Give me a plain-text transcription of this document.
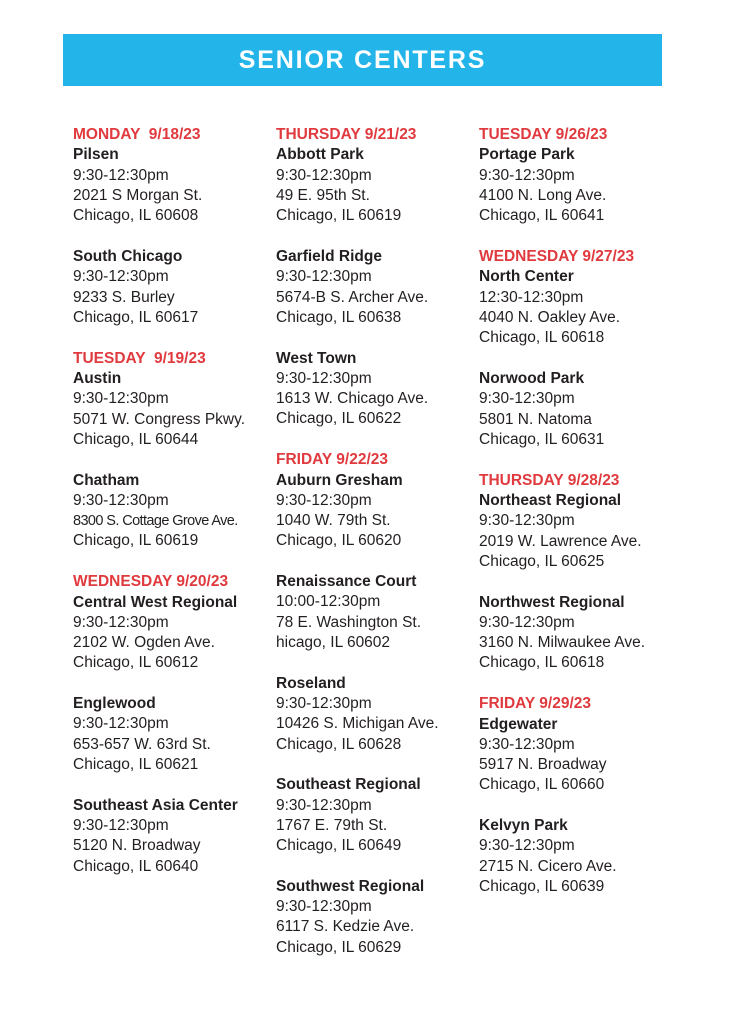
SENIOR CENTERS
MONDAY  9/18/23
Pilsen
9:30-12:30pm
2021 S Morgan St.
Chicago, IL 60608
South Chicago
9:30-12:30pm
9233 S. Burley
Chicago, IL 60617
TUESDAY  9/19/23
Austin
9:30-12:30pm
5071 W. Congress Pkwy.
Chicago, IL 60644
Chatham
9:30-12:30pm
8300 S. Cottage Grove Ave.
Chicago, IL 60619
WEDNESDAY 9/20/23
Central West Regional
9:30-12:30pm
2102 W. Ogden Ave.
Chicago, IL 60612
Englewood
9:30-12:30pm
653-657 W. 63rd St.
Chicago, IL 60621
Southeast Asia Center
9:30-12:30pm
5120 N. Broadway
Chicago, IL 60640
THURSDAY 9/21/23
Abbott Park
9:30-12:30pm
49 E. 95th St.
Chicago, IL 60619
Garfield Ridge
9:30-12:30pm
5674-B S. Archer Ave.
Chicago, IL 60638
West Town
9:30-12:30pm
1613 W. Chicago Ave.
Chicago, IL 60622
FRIDAY 9/22/23
Auburn Gresham
9:30-12:30pm
1040 W. 79th St.
Chicago, IL 60620
Renaissance Court
10:00-12:30pm
78 E. Washington St.
hicago, IL 60602
Roseland
9:30-12:30pm
10426 S. Michigan Ave.
Chicago, IL 60628
Southeast Regional
9:30-12:30pm
1767 E. 79th St.
Chicago, IL 60649
Southwest Regional
9:30-12:30pm
6117 S. Kedzie Ave.
Chicago, IL 60629
TUESDAY 9/26/23
Portage Park
9:30-12:30pm
4100 N. Long Ave.
Chicago, IL 60641
WEDNESDAY 9/27/23
North Center
12:30-12:30pm
4040 N. Oakley Ave.
Chicago, IL 60618
Norwood Park
9:30-12:30pm
5801 N. Natoma
Chicago, IL 60631
THURSDAY 9/28/23
Northeast Regional
9:30-12:30pm
2019 W. Lawrence Ave.
Chicago, IL 60625
Northwest Regional
9:30-12:30pm
3160 N. Milwaukee Ave.
Chicago, IL 60618
FRIDAY 9/29/23
Edgewater
9:30-12:30pm
5917 N. Broadway
Chicago, IL 60660
Kelvyn Park
9:30-12:30pm
2715 N. Cicero Ave.
Chicago, IL 60639
